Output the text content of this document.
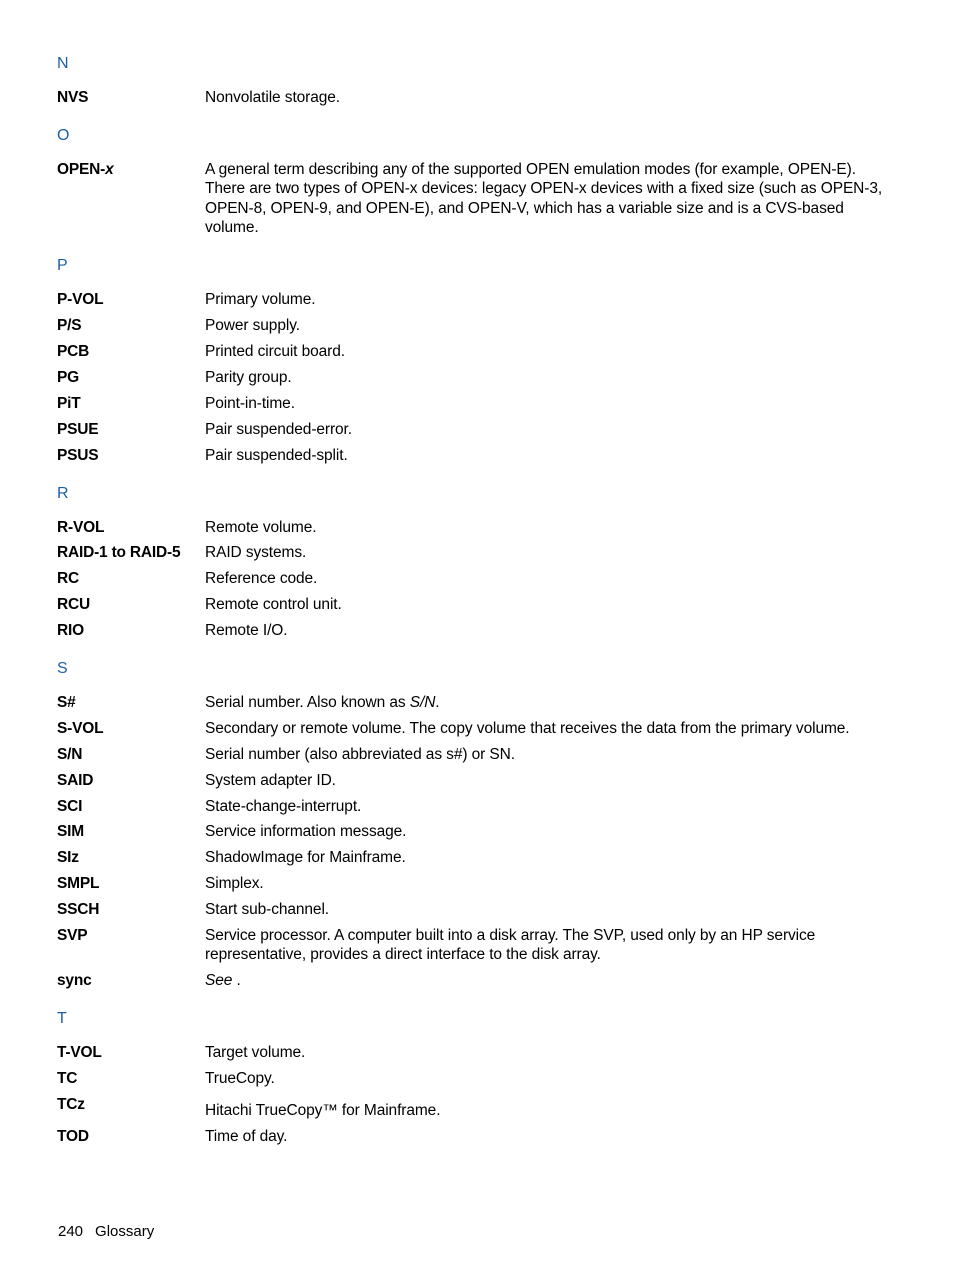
N
NVS	Nonvolatile storage.
O
OPEN-x	A general term describing any of the supported OPEN emulation modes (for example, OPEN-E). There are two types of OPEN-x devices: legacy OPEN-x devices with a fixed size (such as OPEN-3, OPEN-8, OPEN-9, and OPEN-E), and OPEN-V, which has a variable size and is a CVS-based volume.
P
P-VOL	Primary volume.
P/S	Power supply.
PCB	Printed circuit board.
PG	Parity group.
PiT	Point-in-time.
PSUE	Pair suspended-error.
PSUS	Pair suspended-split.
R
R-VOL	Remote volume.
RAID-1 to RAID-5	RAID systems.
RC	Reference code.
RCU	Remote control unit.
RIO	Remote I/O.
S
S#	Serial number. Also known as S/N.
S-VOL	Secondary or remote volume. The copy volume that receives the data from the primary volume.
S/N	Serial number (also abbreviated as s#) or SN.
SAID	System adapter ID.
SCI	State-change-interrupt.
SIM	Service information message.
SIz	ShadowImage for Mainframe.
SMPL	Simplex.
SSCH	Start sub-channel.
SVP	Service processor. A computer built into a disk array. The SVP, used only by an HP service representative, provides a direct interface to the disk array.
sync	See .
T
T-VOL	Target volume.
TC	TrueCopy.
TCz	Hitachi TrueCopy™ for Mainframe.
TOD	Time of day.
240 Glossary
